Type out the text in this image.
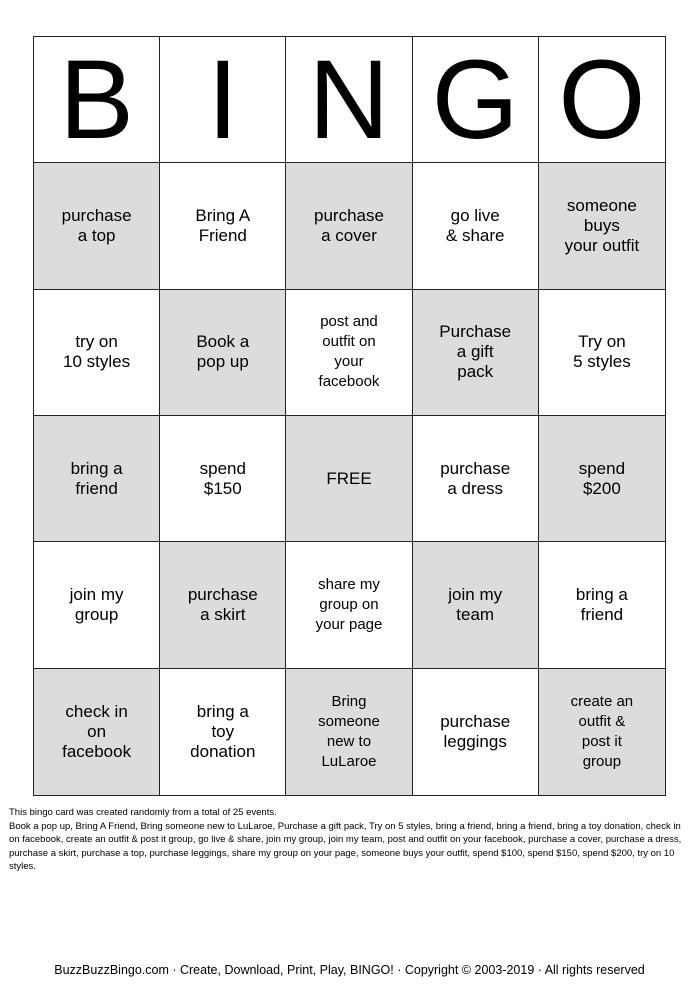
B I N G O
purchase
a top
Bring A
Friend
purchase
a cover
go live
& share
someone
buys
your outfit
try on
10 styles
Book a
pop up
post and
outfit on
your
facebook
Purchase
a gift
pack
Try on
5 styles
bring a
friend
spend
$150
FREE
purchase
a dress
spend
$200
join my
group
purchase
a skirt
share my
group on
your page
join my
team
bring a
friend
check in
on
facebook
bring a
toy
donation
Bring
someone
new to
LuLaroe
purchase
leggings
create an
outfit &
post it
group

This bingo card was created randomly from a total of 25 events.

Book a pop up, Bring A Friend, Bring someone new to LuLaroe, Purchase a gift pack, Try on 5 styles, bring a friend, bring a friend, bring a toy donation, check in on facebook, create an outfit & post it group, go live & share, join my group, join my team, post and outfit on your facebook, purchase a cover, purchase a dress, purchase a skirt, purchase a top, purchase leggings, share my group on your page, someone buys your outfit, spend $100, spend $150, spend $200, try on 10 styles.

BuzzBuzzBingo.com · Create, Download, Print, Play, BINGO! · Copyright © 2003-2019 · All rights reserved
